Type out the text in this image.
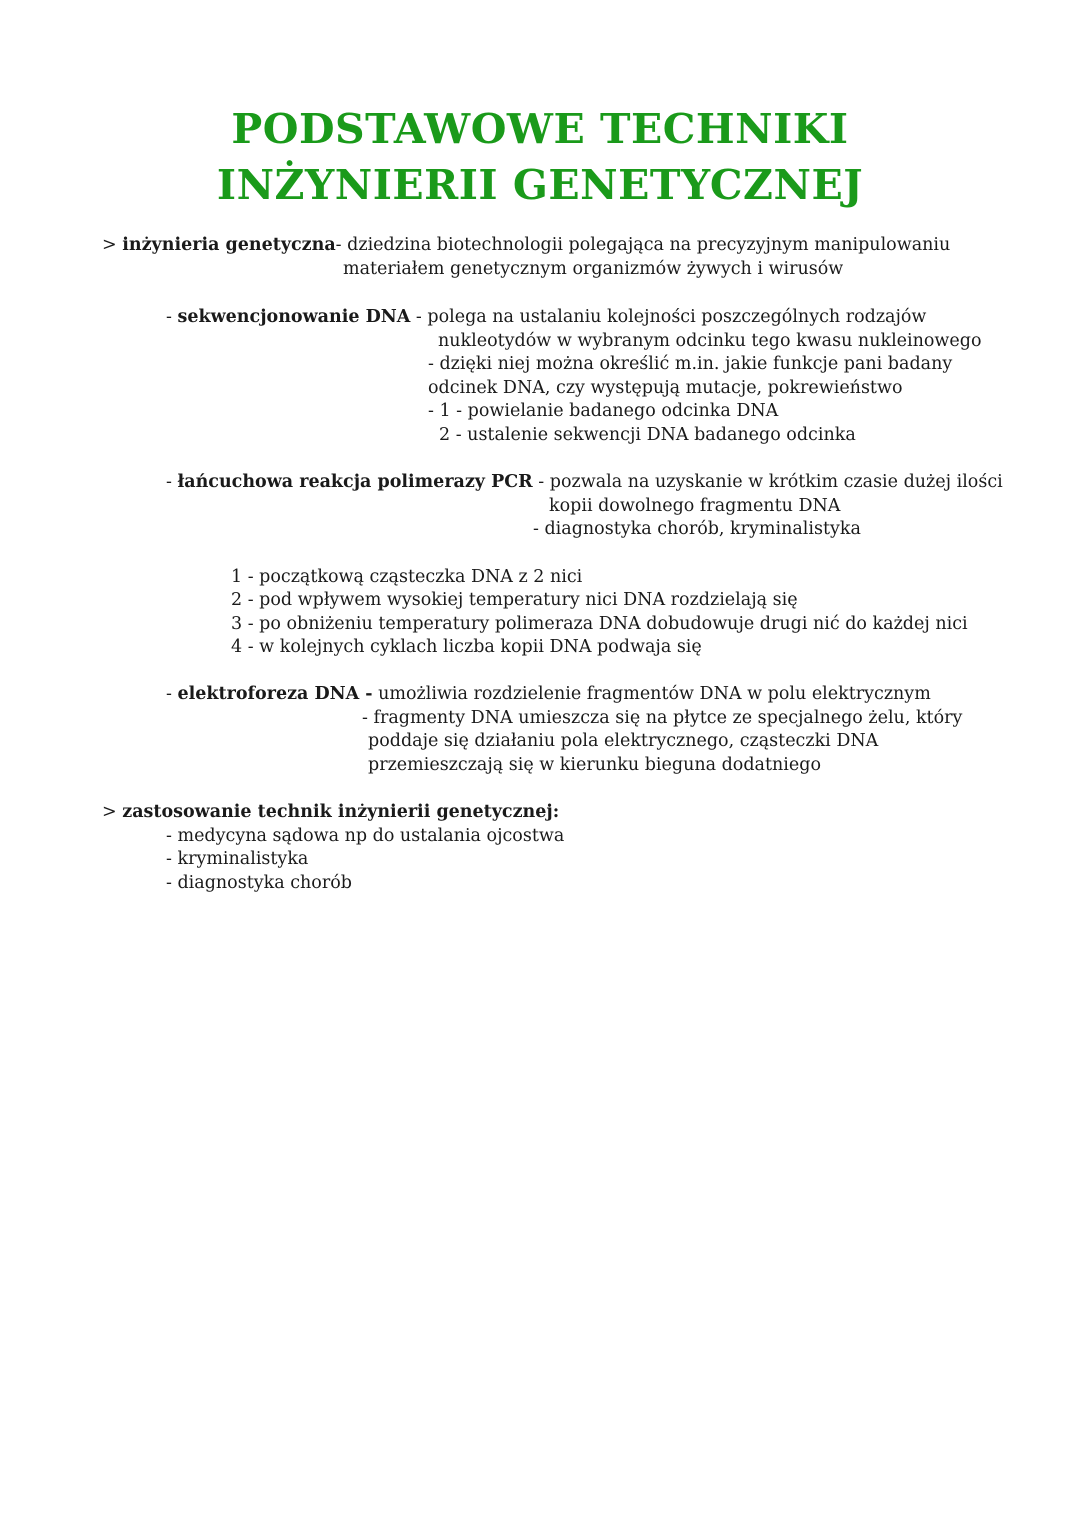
PODSTAWOWE TECHNIKI
INŻYNIERII GENETYCZNEJ
> inżynieria genetyczna- dziedzina biotechnologii polegająca na precyzyjnym manipulowaniu
materiałem genetycznym organizmów żywych i wirusów
- sekwencjonowanie DNA - polega na ustalaniu kolejności poszczególnych rodzajów
nukleotydów w wybranym odcinku tego kwasu nukleinowego
- dzięki niej można określić m.in. jakie funkcje pani badany
odcinek DNA, czy występują mutacje, pokrewieństwo
- 1 - powielanie badanego odcinka DNA
2 - ustalenie sekwencji DNA badanego odcinka
- łańcuchowa reakcja polimerazy PCR - pozwala na uzyskanie w krótkim czasie dużej ilości
kopii dowolnego fragmentu DNA
- diagnostyka chorób, kryminalistyka
1 - początkową cząsteczka DNA z 2 nici
2 - pod wpływem wysokiej temperatury nici DNA rozdzielają się
3 - po obniżeniu temperatury polimeraza DNA dobudowuje drugi nić do każdej nici
4 - w kolejnych cyklach liczba kopii DNA podwaja się
- elektroforeza DNA - umożliwia rozdzielenie fragmentów DNA w polu elektrycznym
- fragmenty DNA umieszcza się na płytce ze specjalnego żelu, który
poddaje się działaniu pola elektrycznego, cząsteczki DNA
przemieszczają się w kierunku bieguna dodatniego
> zastosowanie technik inżynierii genetycznej:
- medycyna sądowa np do ustalania ojcostwa
- kryminalistyka
- diagnostyka chorób
